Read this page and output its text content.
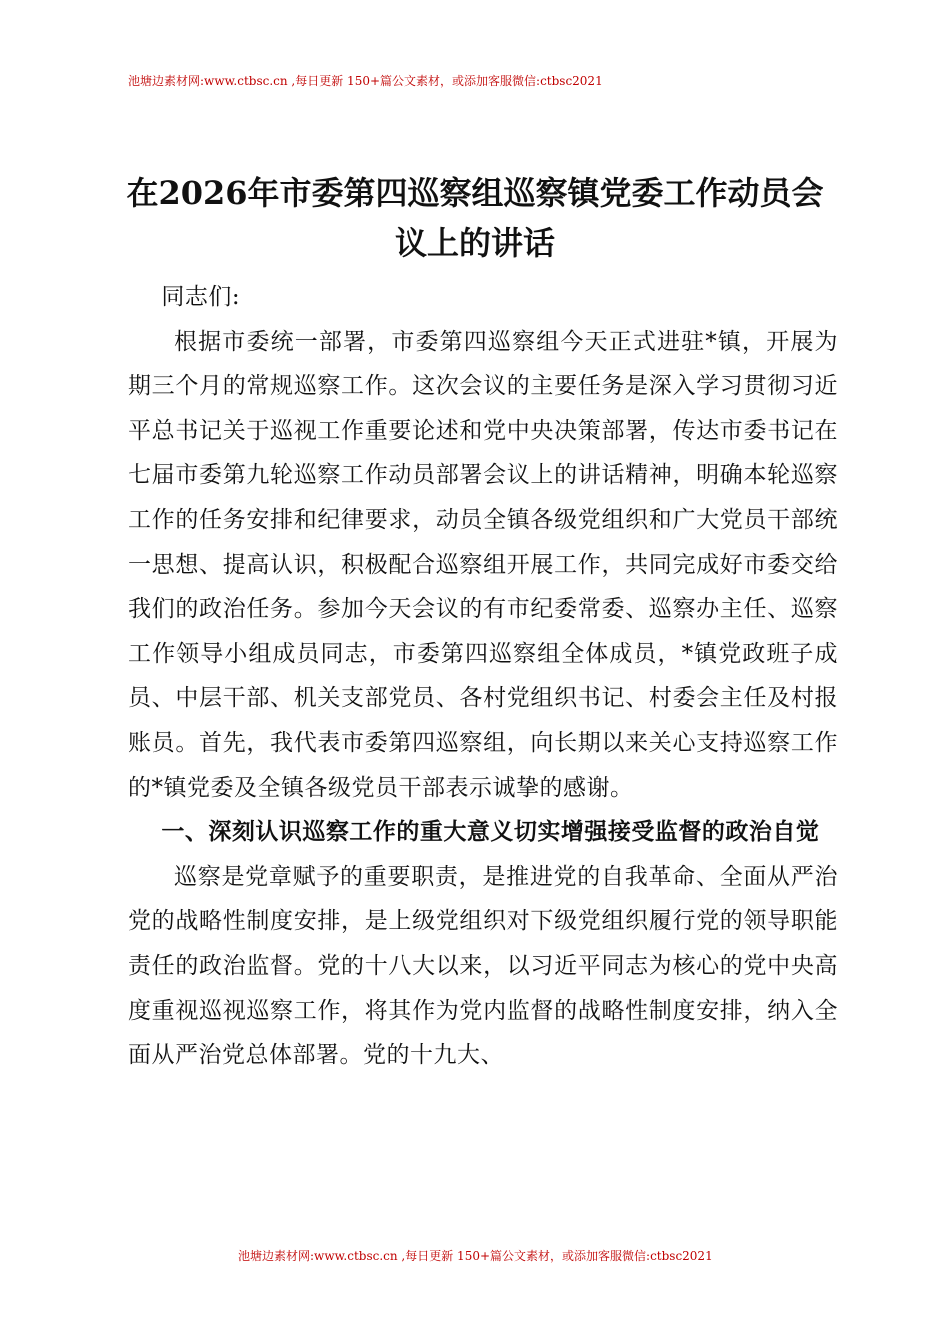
池塘边素材网:www.ctbsc.cn ,每日更新 150+篇公文素材，或添加客服微信:ctbsc2021
在2026年市委第四巡察组巡察镇党委工作动员会议上的讲话

同志们:

根据市委统一部署，市委第四巡察组今天正式进驻*镇，开展为期三个月的常规巡察工作。这次会议的主要任务是深入学习贯彻习近平总书记关于巡视工作重要论述和党中央决策部署，传达市委书记在七届市委第九轮巡察工作动员部署会议上的讲话精神，明确本轮巡察工作的任务安排和纪律要求，动员全镇各级党组织和广大党员干部统一思想、提高认识，积极配合巡察组开展工作，共同完成好市委交给我们的政治任务。参加今天会议的有市纪委常委、巡察办主任、巡察工作领导小组成员同志，市委第四巡察组全体成员，*镇党政班子成员、中层干部、机关支部党员、各村党组织书记、村委会主任及村报账员。首先，我代表市委第四巡察组，向长期以来关心支持巡察工作的*镇党委及全镇各级党员干部表示诚挚的感谢。

一、深刻认识巡察工作的重大意义切实增强接受监督的政治自觉

巡察是党章赋予的重要职责，是推进党的自我革命、全面从严治党的战略性制度安排，是上级党组织对下级党组织履行党的领导职能责任的政治监督。党的十八大以来，以习近平同志为核心的党中央高度重视巡视巡察工作，将其作为党内监督的战略性制度安排，纳入全面从严治党总体部署。党的十九大、

池塘边素材网:www.ctbsc.cn ,每日更新 150+篇公文素材，或添加客服微信:ctbsc2021
